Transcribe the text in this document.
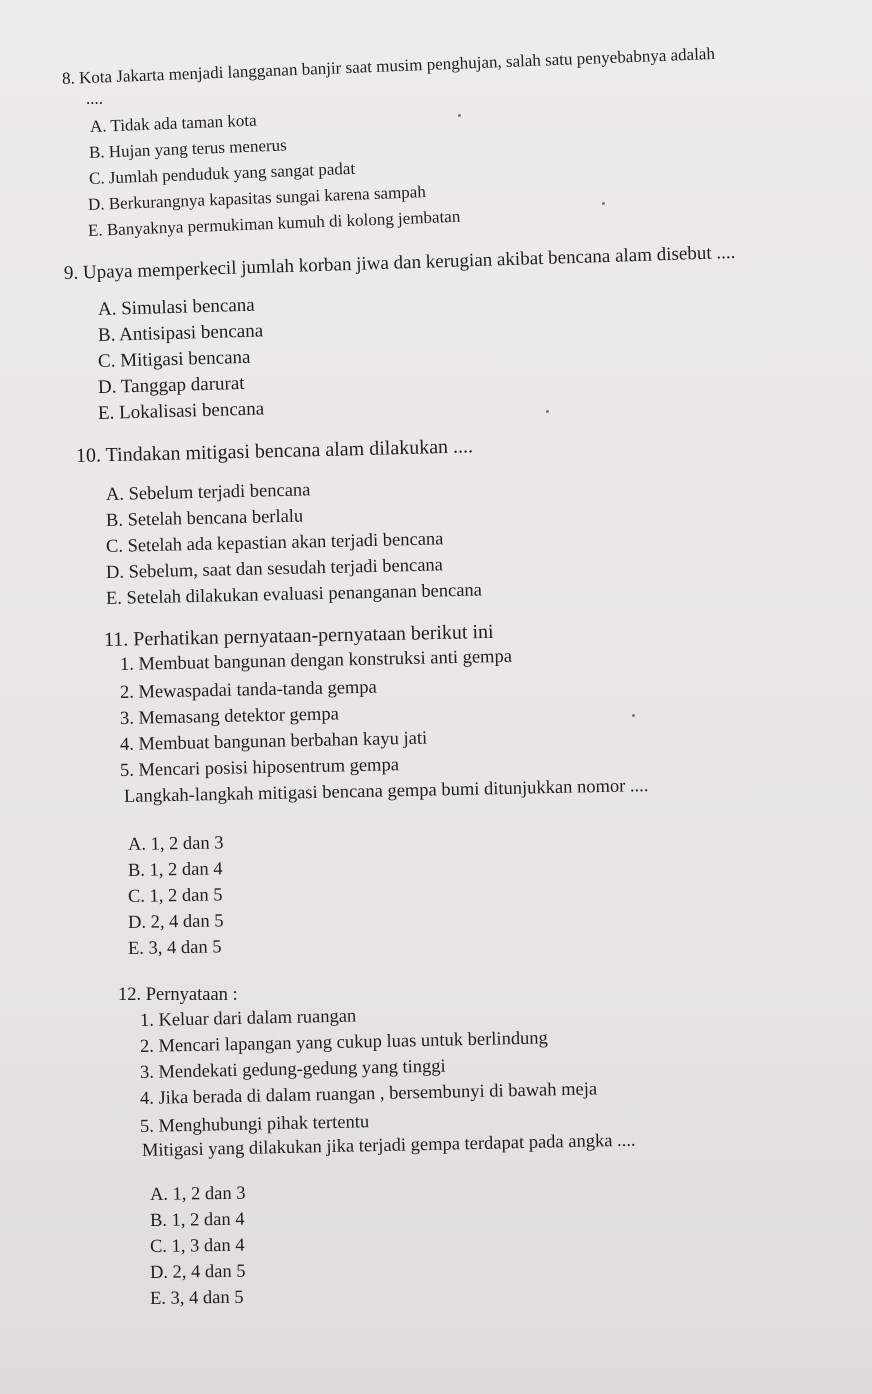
8. Kota Jakarta menjadi langganan banjir saat musim penghujan, salah satu penyebabnya adalah
....
A. Tidak ada taman kota
B. Hujan yang terus menerus
C. Jumlah penduduk yang sangat padat
D. Berkurangnya kapasitas sungai karena sampah
E. Banyaknya permukiman kumuh di kolong jembatan
9. Upaya memperkecil jumlah korban jiwa dan kerugian akibat bencana alam disebut ....
A. Simulasi bencana
B. Antisipasi bencana
C. Mitigasi bencana
D. Tanggap darurat
E. Lokalisasi bencana
10. Tindakan mitigasi bencana alam dilakukan ....
A. Sebelum terjadi bencana
B. Setelah bencana berlalu
C. Setelah ada kepastian akan terjadi bencana
D. Sebelum, saat dan sesudah terjadi bencana
E. Setelah dilakukan evaluasi penanganan bencana
11. Perhatikan pernyataan-pernyataan berikut ini
1. Membuat bangunan dengan konstruksi anti gempa
2. Mewaspadai tanda-tanda gempa
3. Memasang detektor gempa
4. Membuat bangunan berbahan kayu jati
5. Mencari posisi hiposentrum gempa
Langkah-langkah mitigasi bencana gempa bumi ditunjukkan nomor ....
A. 1, 2 dan 3
B. 1, 2 dan 4
C. 1, 2 dan 5
D. 2, 4 dan 5
E. 3, 4 dan 5
12. Pernyataan :
1. Keluar dari dalam ruangan
2. Mencari lapangan yang cukup luas untuk berlindung
3. Mendekati gedung-gedung yang tinggi
4. Jika berada di dalam ruangan , bersembunyi di bawah meja
5. Menghubungi pihak tertentu
Mitigasi yang dilakukan jika terjadi gempa terdapat pada angka ....
A. 1, 2 dan 3
B. 1, 2 dan 4
C. 1, 3 dan 4
D. 2, 4 dan 5
E. 3, 4 dan 5
